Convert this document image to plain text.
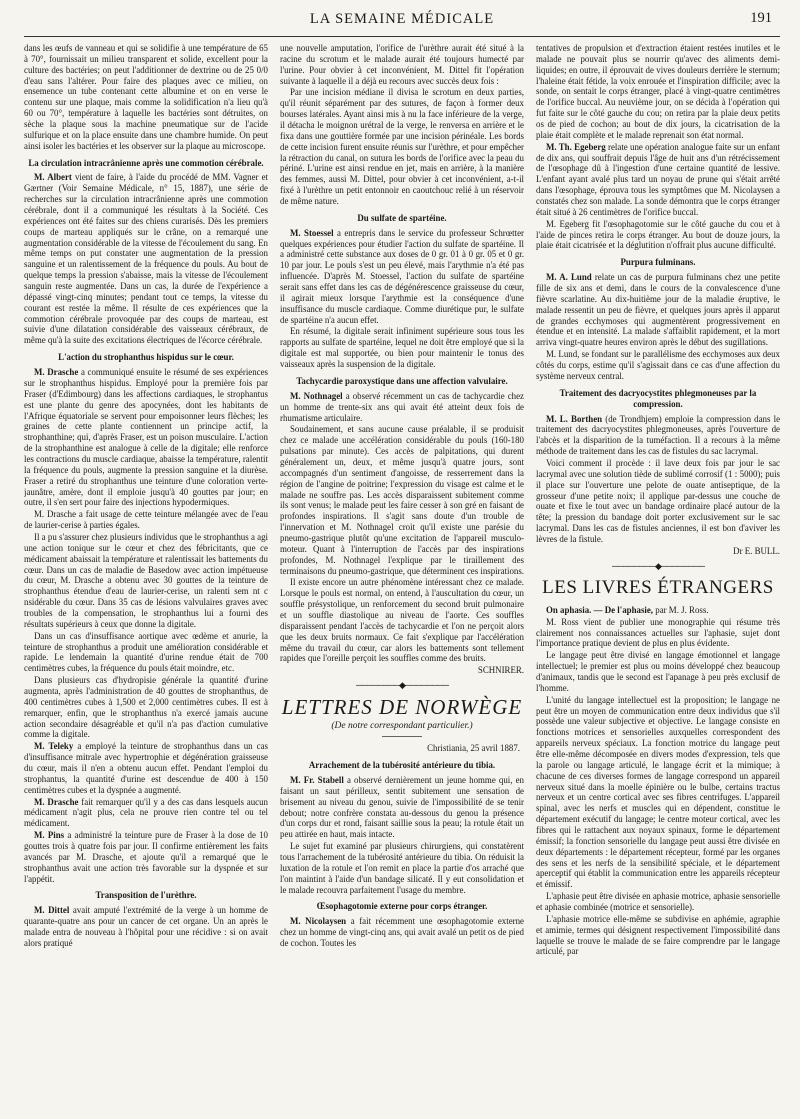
LA SEMAINE MÉDICALE	191

dans les œufs de vanneau et qui se solidifie à une température de 65 à 70°, fournissait un milieu transparent et solide, excellent pour la culture des bactéries; on peut l'additionner de dextrine ou de 25 0/0 d'eau sans l'altérer. Pour faire des plaques avec ce milieu, on ensemence un tube contenant cette albumine et on en verse le contenu sur une plaque, mais comme la solidification n'a lieu qu'à 60 ou 70°, température à laquelle les bactéries sont détruites, on sèche la plaque sous la machine pneumatique sur de l'acide sulfurique et on la place ensuite dans une chambre humide. On peut ainsi isoler les bactéries et les observer sur la plaque au microscope.

La circulation intracrânienne après une commotion cérébrale.

M. Albert vient de faire, à l'aide du procédé de MM. Vagner et Gærtner (Voir Semaine Médicale, n° 15, 1887), une série de recherches sur la circulation intracrânienne après une commotion cérébrale, dont il a communiqué les résultats à la Société. Ces expériences ont été faites sur des chiens curarisés. Dès les premiers coups de marteau appliqués sur le crâne, on a remarqué une augmentation considérable de la vitesse de l'écoulement du sang. En même temps on put constater une augmentation de la pression sanguine et un ralentissement de la fréquence du pouls. Au bout de quelque temps la pression s'abaisse, mais la vitesse de l'écoulement sanguin reste augmentée. Dans un cas, la durée de l'expérience a dépassé vingt-cinq minutes; pendant tout ce temps, la vitesse du courant est restée la même. Il résulte de ces expériences que la commotion cérébrale provoquée par des coups de marteau, est suivie d'une dilatation considérable des vaisseaux cérébraux, de même qu'à la suite des excitations électriques de l'écorce cérébrale.

L'action du strophanthus hispidus sur le cœur.

M. Drasche a communiqué ensuite le résumé de ses expériences sur le strophanthus hispidus. Employé pour la première fois par Fraser (d'Edimbourg) dans les affections cardiaques, le strophantus est une plante du genre des apocynées, dont les habitants de l'Afrique équatoriale se servent pour empoisonner leurs flèches; les graines de cette plante contiennent un principe actif, la strophanthine; qui, d'après Fraser, est un poison musculaire. L'action de la strophanthine est analogue à celle de la digitale; elle renforce les contractions du muscle cardiaque, abaisse la température, ralentit la fréquence du pouls, augmente la pression sanguine et la diurèse. Fraser a retiré du strophanthus une teinture d'une coloration verte-jaunâtre, amère, dont il emploie jusqu'à 40 gouttes par jour; en outre, il s'en sert pour faire des injections hypodermiques.

M. Drasche a fait usage de cette teinture mélangée avec de l'eau de laurier-cerise à parties égales.

Il a pu s'assurer chez plusieurs individus que le strophanthus a agi une action tonique sur le cœur et chez des fébricitants, que ce médicament abaissait la température et ralentissait les battements du cœur. Dans un cas de maladie de Basedow avec action impétueuse du cœur, M. Drasche a obtenu avec 30 gouttes de la teinture de strophanthus étendue d'eau de laurier-cerise, un ralenti sem nt c nsidérable du cœur. Dans 35 cas de lésions valvulaires graves avec troubles de la compensation, le strophanthus lui a fourni des résultats supérieurs à ceux que donne la digitale.

Dans un cas d'insuffisance aortique avec œdème et anurie, la teinture de strophanthus a produit une amélioration considérable et rapide. Le lendemain la quantité d'urine rendue était de 700 centimètres cubes, la fréquence du pouls était moindre, etc.

Dans plusieurs cas d'hydropisie générale la quantité d'urine augmenta, après l'administration de 40 gouttes de strophanthus, de 400 centimètres cubes à 1,500 et 2,000 centimètres cubes. Il est à remarquer, enfin, que le strophanthus n'a exercé jamais aucune action secondaire désagréable et qu'il n'a pas d'action cumulative comme la digitale.

M. Teleky a employé la teinture de strophanthus dans un cas d'insuffisance mitrale avec hypertrophie et dégénération graisseuse du cœur, mais il n'en a obtenu aucun effet. Pendant l'emploi du strophantus, la quantité d'urine est descendue de 400 à 150 centimètres cubes et la dyspnée a augmenté.

M. Drasche fait remarquer qu'il y a des cas dans lesquels aucun médicament n'agit plus, cela ne prouve rien contre tel ou tel médicament.

M. Pins a administré la teinture pure de Fraser à la dose de 10 gouttes trois à quatre fois par jour. Il confirme entièrement les faits avancés par M. Drasche, et ajoute qu'il a remarqué que le strophanthus avait une action très favorable sur la dyspnée et sur l'appétit.

Transposition de l'urèthre.

M. Dittel avait amputé l'extrémité de la verge à un homme de quarante-quatre ans pour un cancer de cet organe. Un an après le malade entra de nouveau à l'hôpital pour une récidive : si on avait alors pratiqué

une nouvelle amputation, l'orifice de l'urèthre aurait été situé à la racine du scrotum et le malade aurait été toujours humecté par l'urine. Pour obvier à cet inconvénient, M. Dittel fit l'opération suivante à laquelle il a déjà eu recours avec succès deux fois :

Par une incision médiane il divisa le scrotum en deux parties, qu'il réunit séparément par des sutures, de façon à former deux bourses latérales. Ayant ainsi mis à nu la face inférieure de la verge, il détacha le moignon urétral de la verge, le renversa en arrière et le fixa dans une gouttière formée par une incision périnéale. Les bords de cette incision furent ensuite réunis sur l'urèthre, et pour empêcher la rétraction du canal, on sutura les bords de l'orifice avec la peau du périné. L'urine est ainsi rendue en jet, mais en arrière, à la manière des femmes, aussi M. Dittel, pour obvier à cet inconvénient, a-t-il fixé à l'urèthre un petit entonnoir en caoutchouc relié à un réservoir de même nature.

Du sulfate de spartéine.

M. Stoessel a entrepris dans le service du professeur Schrœtter quelques expériences pour étudier l'action du sulfate de spartéine. Il a administré cette substance aux doses de 0 gr. 01 à 0 gr. 05 et 0 gr. 10 par jour. Le pouls s'est un peu élevé, mais l'arythmie n'a été pas influencée. D'après M. Stoessel, l'action du sulfate de spartéine serait sans effet dans les cas de dégénérescence graisseuse du cœur, il agirait mieux lorsque l'arythmie est la conséquence d'une insuffisance du muscle cardiaque. Comme diurétique pur, le sulfate de spartéine n'a aucun effet.

En résumé, la digitale serait infiniment supérieure sous tous les rapports au sulfate de spartéine, lequel ne doit être employé que si la digitale est mal supportée, ou bien pour maintenir le tonus des vaisseaux après la suspension de la digitale.

Tachycardie paroxystique dans une affection valvulaire.

M. Nothnagel a observé récemment un cas de tachycardie chez un homme de trente-six ans qui avait été atteint deux fois de rhumatisme articulaire.

Soudainement, et sans aucune cause préalable, il se produisit chez ce malade une accélération considérable du pouls (160-180 pulsations par minute). Ces accès de palpitations, qui durent généralement un, deux, et même jusqu'à quatre jours, sont accompagnés d'un sentiment d'angoisse, de resserrement dans la région de l'angine de poitrine; l'expression du visage est calme et le malade ne souffre pas. Les accès disparaissent subitement comme ils sont venus; le malade peut les faire cesser à son gré en faisant de profondes inspirations. Il s'agit sans doute d'un trouble de l'innervation et M. Nothnagel croit qu'il existe une parésie du pneumo-gastrique plutôt qu'une excitation de l'appareil musculo-moteur. Quant à l'interruption de l'accès par des inspirations profondes, M. Nothnagel l'explique par le tiraillement des terminaisons du pneumo-gastrique, que déterminent ces inspirations.

Il existe encore un autre phénomène intéressant chez ce malade. Lorsque le pouls est normal, on entend, à l'auscultation du cœur, un souffle présystolique, un renforcement du second bruit pulmonaire et un souffle diastolique au niveau de l'aorte. Ces souffles disparaissent pendant l'accès de tachycardie et l'on ne perçoit alors que les deux bruits normaux. Ce fait s'explique par l'accélération même du travail du cœur, car alors les battements sont tellement rapides que l'oreille perçoit les souffles comme des bruits.

SCHNIRER.
────────◆────────
LETTRES DE NORWÈGE
(De notre correspondant particulier.)
Christiania, 25 avril 1887.
Arrachement de la tubérosité antérieure du tibia.

M. Fr. Stabell a observé dernièrement un jeune homme qui, en faisant un saut périlleux, sentit subitement une sensation de brisement au niveau du genou, suivie de l'impossibilité de se tenir debout; notre confrère constata au-dessous du genou la présence d'un corps dur et rond, faisant saillie sous la peau; la rotule était un peu attirée en haut, mais intacte.

Le sujet fut examiné par plusieurs chirurgiens, qui constatèrent tous l'arrachement de la tubérosité antérieure du tibia. On réduisit la luxation de la rotule et l'on remit en place la partie d'os arraché que l'on maintint à l'aide d'un bandage silicaté. Il y eut consolidation et le malade recouvra parfaitement l'usage du membre.

Œsophagotomie externe pour corps étranger.

M. Nicolaysen a fait récemment une œsophagotomie externe chez un homme de vingt-cinq ans, qui avait avalé un petit os de pied de cochon. Toutes les

tentatives de propulsion et d'extraction étaient restées inutiles et le malade ne pouvait plus se nourrir qu'avec des aliments demi-liquides; en outre, il éprouvait de vives douleurs derrière le sternum; l'haleine était fétide, la voix enrouée et l'inspiration difficile; avec la sonde, on sentait le corps étranger, placé à vingt-quatre centimètres de l'orifice buccal. Au neuvième jour, on se décida à l'opération qui fut faite sur le côté gauche du cou; on retira par la plaie deux petits os de pied de cochon; au bout de dix jours, la cicatrisation de la plaie était complète et le malade reprenait son état normal.

M. Th. Egeberg relate une opération analogue faite sur un enfant de dix ans, qui souffrait depuis l'âge de huit ans d'un rétrécissement de l'œsophage dû à l'ingestion d'une certaine quantité de lessive. L'enfant ayant avalé plus tard un noyau de prune qui s'était arrêté dans l'œsophage, éprouva tous les symptômes que M. Nicolaysen a constatés chez son malade. La sonde démontra que le corps étranger était situé à 26 centimètres de l'orifice buccal.

M. Egeberg fit l'œsophagotomie sur le côté gauche du cou et à l'aide de pinces retira le corps étranger. Au bout de douze jours, la plaie était cicatrisée et la déglutition n'offrait plus aucune difficulté.

Purpura fulminans.

M. A. Lund relate un cas de purpura fulminans chez une petite fille de six ans et demi, dans le cours de la convalescence d'une fièvre scarlatine. Au dix-huitième jour de la maladie éruptive, le malade ressentit un peu de fièvre, et quelques jours après il apparut de grandes ecchymoses qui augmentèrent progressivement en étendue et en intensité. La malade s'affaiblit rapidement, et la mort arriva vingt-quatre heures environ après le début des sugillations.

M. Lund, se fondant sur le parallélisme des ecchymoses aux deux côtés du corps, estime qu'il s'agissait dans ce cas d'une affection du système nerveux central.

Traitement des dacryocystites phlegmoneuses par la compression.

M. L. Borthen (de Trondhjem) emploie la compression dans le traitement des dacryocystites phlegmoneuses, après l'ouverture de l'abcès et la disparition de la tuméfaction. Il a recours à la même méthode de traitement dans les cas de fistules du sac lacrymal.

Voici comment il procède : il lave deux fois par jour le sac lacrymal avec une solution tiède de sublimé corrosif (1 : 5000); puis il place sur l'ouverture une pelote de ouate antiseptique, de la grosseur d'une petite noix; il applique par-dessus une couche de ouate et fixe le tout avec un bandage ordinaire placé autour de la tête; la pression du bandage doit porter exclusivement sur le sac lacrymal. Dans les cas de fistules anciennes, il est bon d'aviver les lèvres de la fistule.

Dr E. BULL.
────────◆────────
LES LIVRES ÉTRANGERS

On aphasia. — De l'aphasie, par M. J. Ross.

M. Ross vient de publier une monographie qui résume très clairement nos connaissances actuelles sur l'aphasie, sujet dont l'importance pratique devient de plus en plus évidente.

Le langage peut être divisé en langage émotionnel et langage intellectuel; le premier est plus ou moins développé chez beaucoup d'animaux, tandis que le second est l'apanage à peu près exclusif de l'homme.

L'unité du langage intellectuel est la proposition; le langage ne peut être un moyen de communication entre deux individus que s'il possède une valeur subjective et objective. Le langage consiste en fonctions motrices et sensorielles auxquelles correspondent des appareils nerveux spéciaux. La fonction motrice du langage peut être elle-même décomposée en divers modes d'expression, tels que la parole ou langage articulé, le langage écrit et la mimique; à chacune de ces diverses formes de langage correspond un appareil nerveux situé dans la moelle épinière ou le bulbe, certains tractus nerveux et un centre cortical avec ses fibres centrifuges. L'appareil spinal, avec les nerfs et muscles qui en dépendent, constitue le département exécutif du langage; le centre moteur cortical, avec les fibres qui le rattachent aux noyaux spinaux, forme le département émissif; la fonction sensorielle du langage peut aussi être divisée en deux départements : le département récepteur, formé par les organes des sens et les nerfs de la sensibilité spéciale, et le département aperceptif qui établit la communication entre les appareils récepteur et émissif.

L'aphasie peut être divisée en aphasie motrice, aphasie sensorielle et aphasie combinée (motrice et sensorielle).

L'aphasie motrice elle-même se subdivise en aphémie, agraphie et amimie, termes qui désignent respectivement l'impossibilité dans laquelle se trouve le malade de se faire comprendre par le langage articulé, par
